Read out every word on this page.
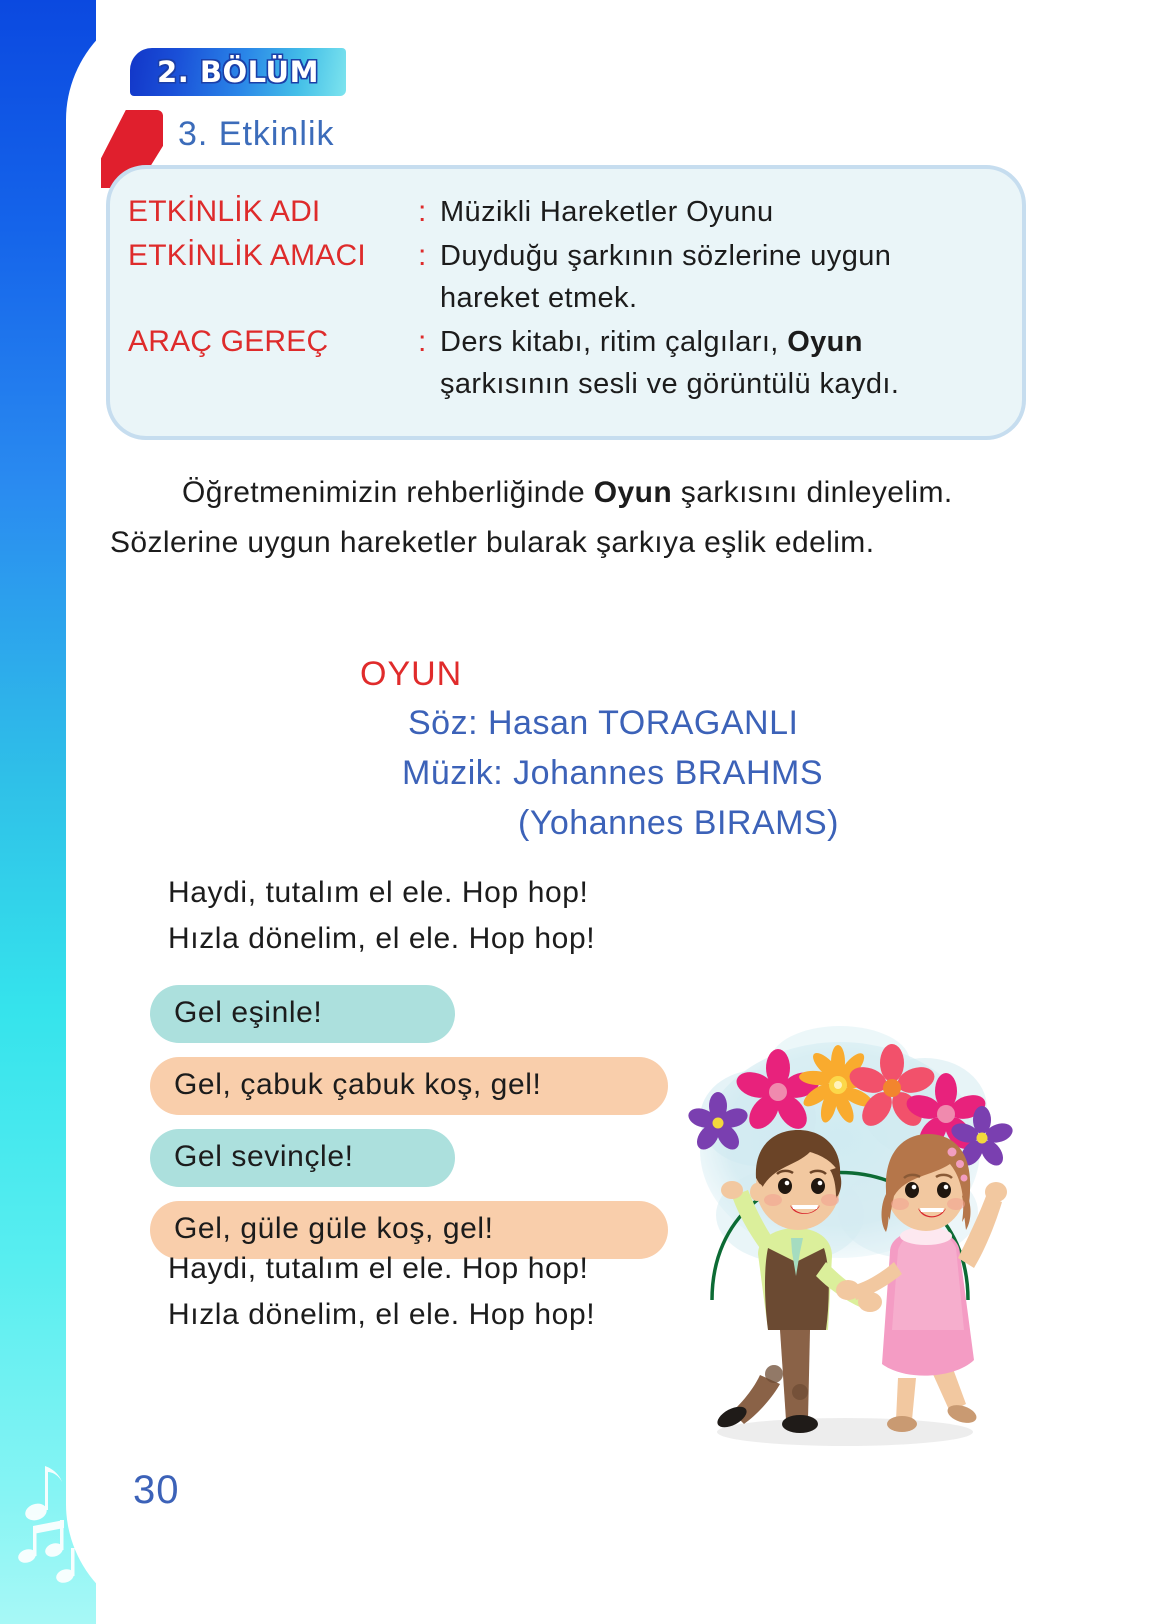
2. BÖLÜM
3. Etkinlik
ETKİNLİK ADI	: Müzikli Hareketler Oyunu
ETKİNLİK AMACI	: Duyduğu şarkının sözlerine uygun hareket etmek.
ARAÇ GEREÇ	: Ders kitabı, ritim çalgıları, Oyun şarkısının sesli ve görüntülü kaydı.
Öğretmenimizin rehberliğinde Oyun şarkısını dinleyelim. Sözlerine uygun hareketler bularak şarkıya eşlik edelim.
OYUN
Söz: Hasan TORAGANLI
Müzik: Johannes BRAHMS
(Yohannes BIRAMS)
Haydi, tutalım el ele. Hop hop!
Hızla dönelim, el ele. Hop hop!
Gel eşinle!
Gel, çabuk çabuk koş, gel!
Gel sevinçle!
Gel, güle güle koş, gel!
Haydi, tutalım el ele. Hop hop!
Hızla dönelim, el ele. Hop hop!
30
